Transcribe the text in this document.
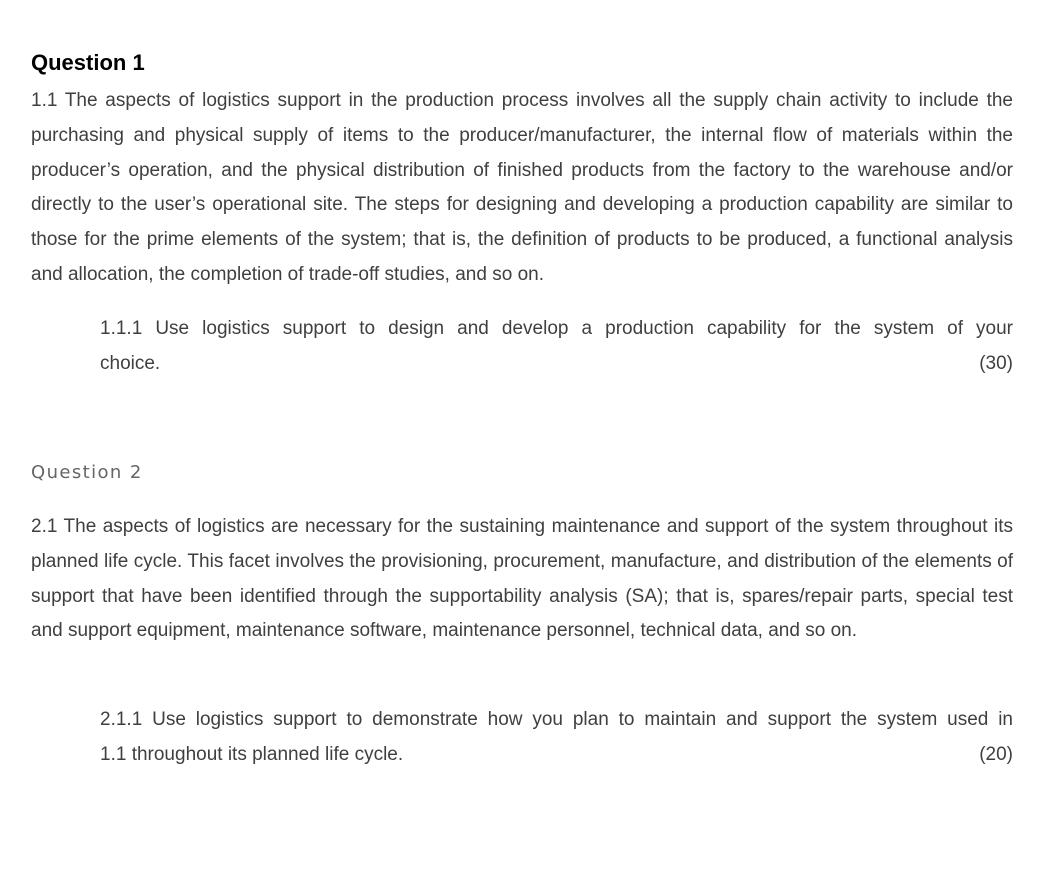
Question 1

1.1 The aspects of logistics support in the production process involves all the supply chain activity to include the purchasing and physical supply of items to the producer/manufacturer, the internal flow of materials within the producer’s operation, and the physical distribution of finished products from the factory to the warehouse and/or directly to the user’s operational site. The steps for designing and developing a production capability are similar to those for the prime elements of the system; that is, the definition of products to be produced, a functional analysis and allocation, the completion of trade-off studies, and so on.

1.1.1 Use logistics support to design and develop a production capability for the system of your
choice.	(30)
Question 2

2.1 The aspects of logistics are necessary for the sustaining maintenance and support of the system throughout its planned life cycle. This facet involves the provisioning, procurement, manufacture, and distribution of the elements of support that have been identified through the supportability analysis (SA); that is, spares/repair parts, special test and support equipment, maintenance software, maintenance personnel, technical data, and so on.

2.1.1 Use logistics support to demonstrate how you plan to maintain and support the system used in
1.1 throughout its planned life cycle.	(20)
